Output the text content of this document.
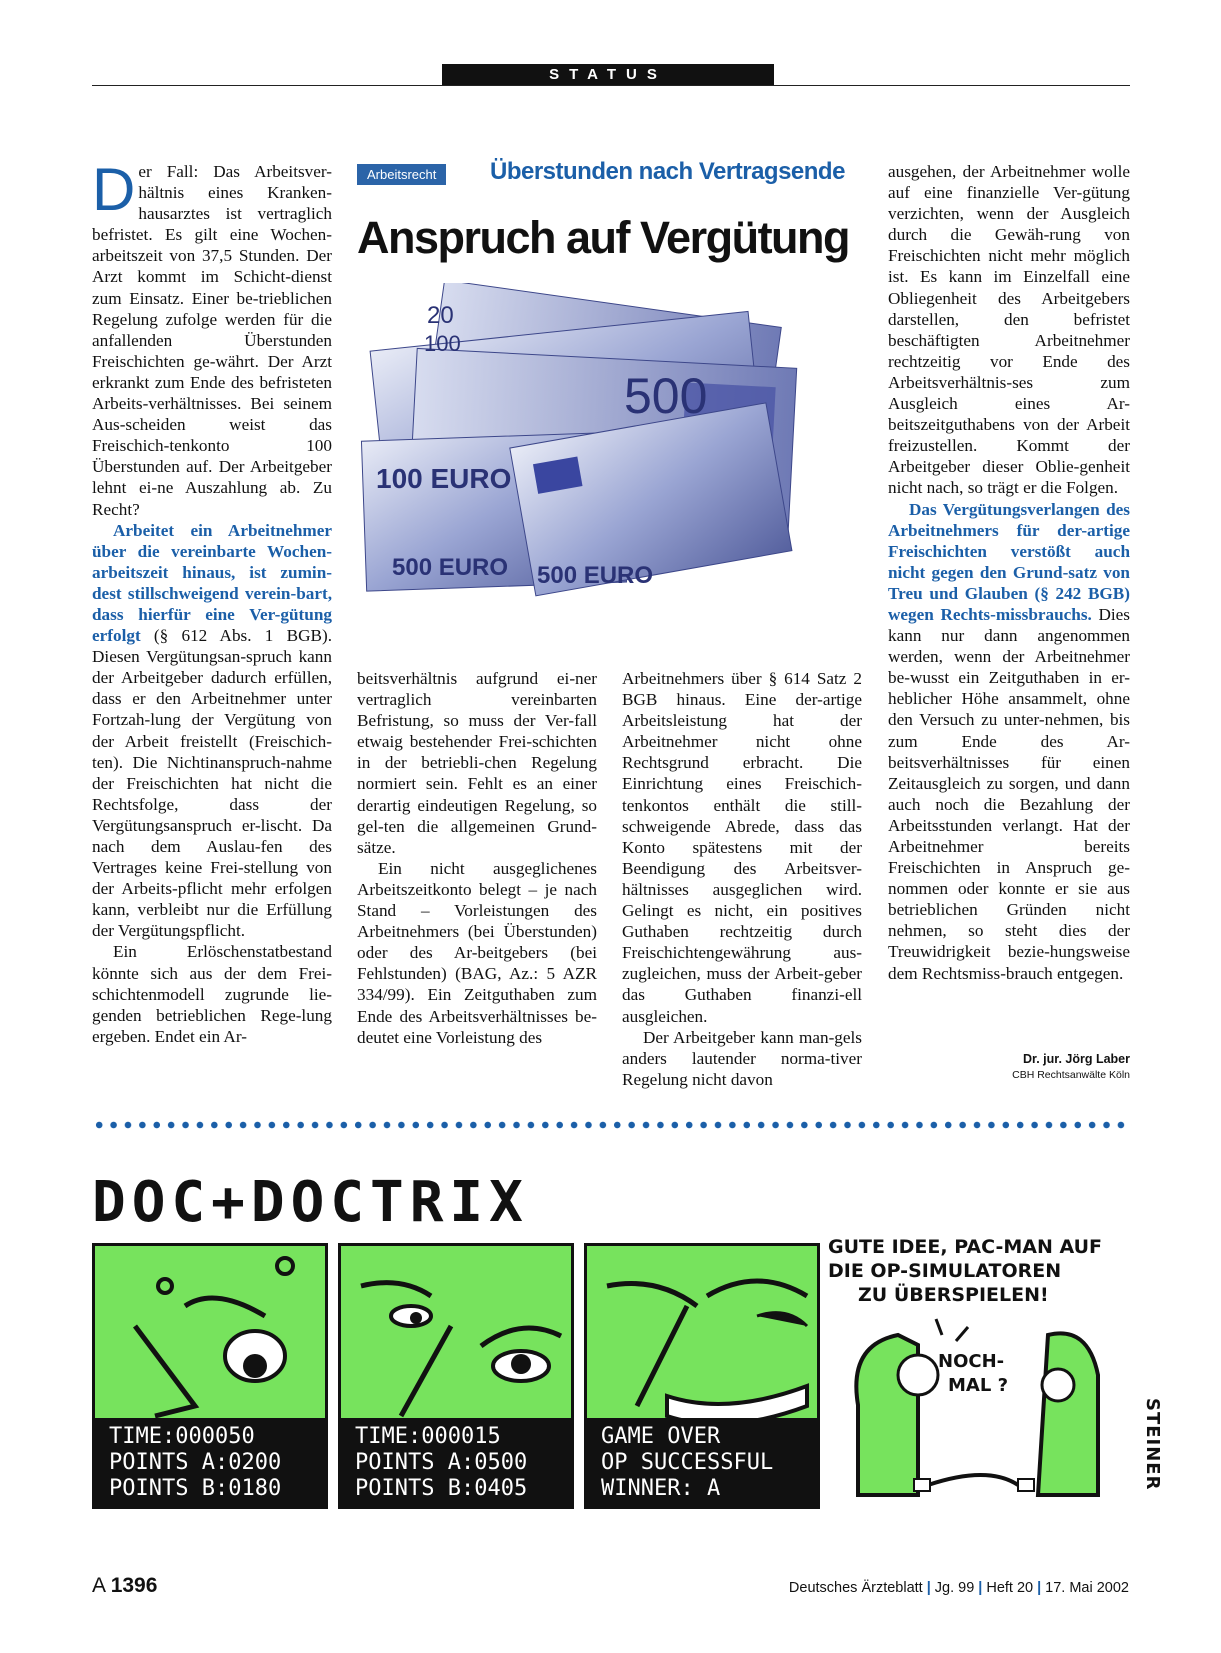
STATUS

Der Fall: Das Arbeitsver-hältnis eines Kranken-hausarztes ist vertraglich befristet. Es gilt eine Wochen-arbeitszeit von 37,5 Stunden. Der Arzt kommt im Schicht-dienst zum Einsatz. Einer be-trieblichen Regelung zufolge werden für die anfallenden Überstunden Freischichten ge-währt. Der Arzt erkrankt zum Ende des befristeten Arbeits-verhältnisses. Bei seinem Aus-scheiden weist das Freischich-tenkonto 100 Überstunden auf. Der Arbeitgeber lehnt ei-ne Auszahlung ab. Zu Recht?

Arbeitet ein Arbeitnehmer über die vereinbarte Wochen-arbeitszeit hinaus, ist zumin-dest stillschweigend verein-bart, dass hierfür eine Ver-gütung erfolgt (§ 612 Abs. 1 BGB). Diesen Vergütungsan-spruch kann der Arbeitgeber dadurch erfüllen, dass er den Arbeitnehmer unter Fortzah-lung der Vergütung von der Arbeit freistellt (Freischich-ten). Die Nichtinanspruch-nahme der Freischichten hat nicht die Rechtsfolge, dass der Vergütungsanspruch er-lischt. Da nach dem Auslau-fen des Vertrages keine Frei-stellung von der Arbeits-pflicht mehr erfolgen kann, verbleibt nur die Erfüllung der Vergütungspflicht.

Ein Erlöschenstatbestand könnte sich aus der dem Frei-schichtenmodell zugrunde lie-genden betrieblichen Rege-lung ergeben. Endet ein Ar-

Arbeitsrecht	Überstunden nach Vertragsende
Anspruch auf Vergütung
20
100
500
100 EURO
500 EURO 500 EURO

beitsverhältnis aufgrund ei-ner vertraglich vereinbarten Befristung, so muss der Ver-fall etwaig bestehender Frei-schichten in der betriebli-chen Regelung normiert sein. Fehlt es an einer derartig eindeutigen Regelung, so gel-ten die allgemeinen Grund-sätze.

Ein nicht ausgeglichenes Arbeitszeitkonto belegt – je nach Stand – Vorleistungen des Arbeitnehmers (bei Überstunden) oder des Ar-beitgebers (bei Fehlstunden) (BAG, Az.: 5 AZR 334/99). Ein Zeitguthaben zum Ende des Arbeitsverhältnisses be-deutet eine Vorleistung des

Arbeitnehmers über § 614 Satz 2 BGB hinaus. Eine der-artige Arbeitsleistung hat der Arbeitnehmer nicht ohne Rechtsgrund erbracht. Die Einrichtung eines Freischich-tenkontos enthält die still-schweigende Abrede, dass das Konto spätestens mit der Beendigung des Arbeitsver-hältnisses ausgeglichen wird. Gelingt es nicht, ein positives Guthaben rechtzeitig durch Freischichtengewährung aus-zugleichen, muss der Arbeit-geber das Guthaben finanzi-ell ausgleichen.

Der Arbeitgeber kann man-gels anders lautender norma-tiver Regelung nicht davon

ausgehen, der Arbeitnehmer wolle auf eine finanzielle Ver-gütung verzichten, wenn der Ausgleich durch die Gewäh-rung von Freischichten nicht mehr möglich ist. Es kann im Einzelfall eine Obliegenheit des Arbeitgebers darstellen, den befristet beschäftigten Arbeitnehmer rechtzeitig vor Ende des Arbeitsverhältnis-ses zum Ausgleich eines Ar-beitszeitguthabens von der Arbeit freizustellen. Kommt der Arbeitgeber dieser Oblie-genheit nicht nach, so trägt er die Folgen.

Das Vergütungsverlangen des Arbeitnehmers für der-artige Freischichten verstößt auch nicht gegen den Grund-satz von Treu und Glauben (§ 242 BGB) wegen Rechts-missbrauchs. Dies kann nur dann angenommen werden, wenn der Arbeitnehmer be-wusst ein Zeitguthaben in er-heblicher Höhe ansammelt, ohne den Versuch zu unter-nehmen, bis zum Ende des Ar-beitsverhältnisses für einen Zeitausgleich zu sorgen, und dann auch noch die Bezahlung der Arbeitsstunden verlangt. Hat der Arbeitnehmer bereits Freischichten in Anspruch ge-nommen oder konnte er sie aus betrieblichen Gründen nicht nehmen, so steht dies der Treuwidrigkeit bezie-hungsweise dem Rechtsmiss-brauch entgegen.

Dr. jur. Jörg Laber
CBH Rechtsanwälte Köln
DOC+DOCTRIX
TIME:000050
POINTS A:0200
POINTS B:0180
TIME:000015
POINTS A:0500
POINTS B:0405
GAME OVER
OP SUCCESSFUL
WINNER: A
GUTE IDEE, PAC-MAN AUF
DIE OP-SIMULATOREN
ZU ÜBERSPIELEN!
NOCH-
MAL ?
STEINER
A 1396	Deutsches Ärzteblatt | Jg. 99 | Heft 20 | 17. Mai 2002
